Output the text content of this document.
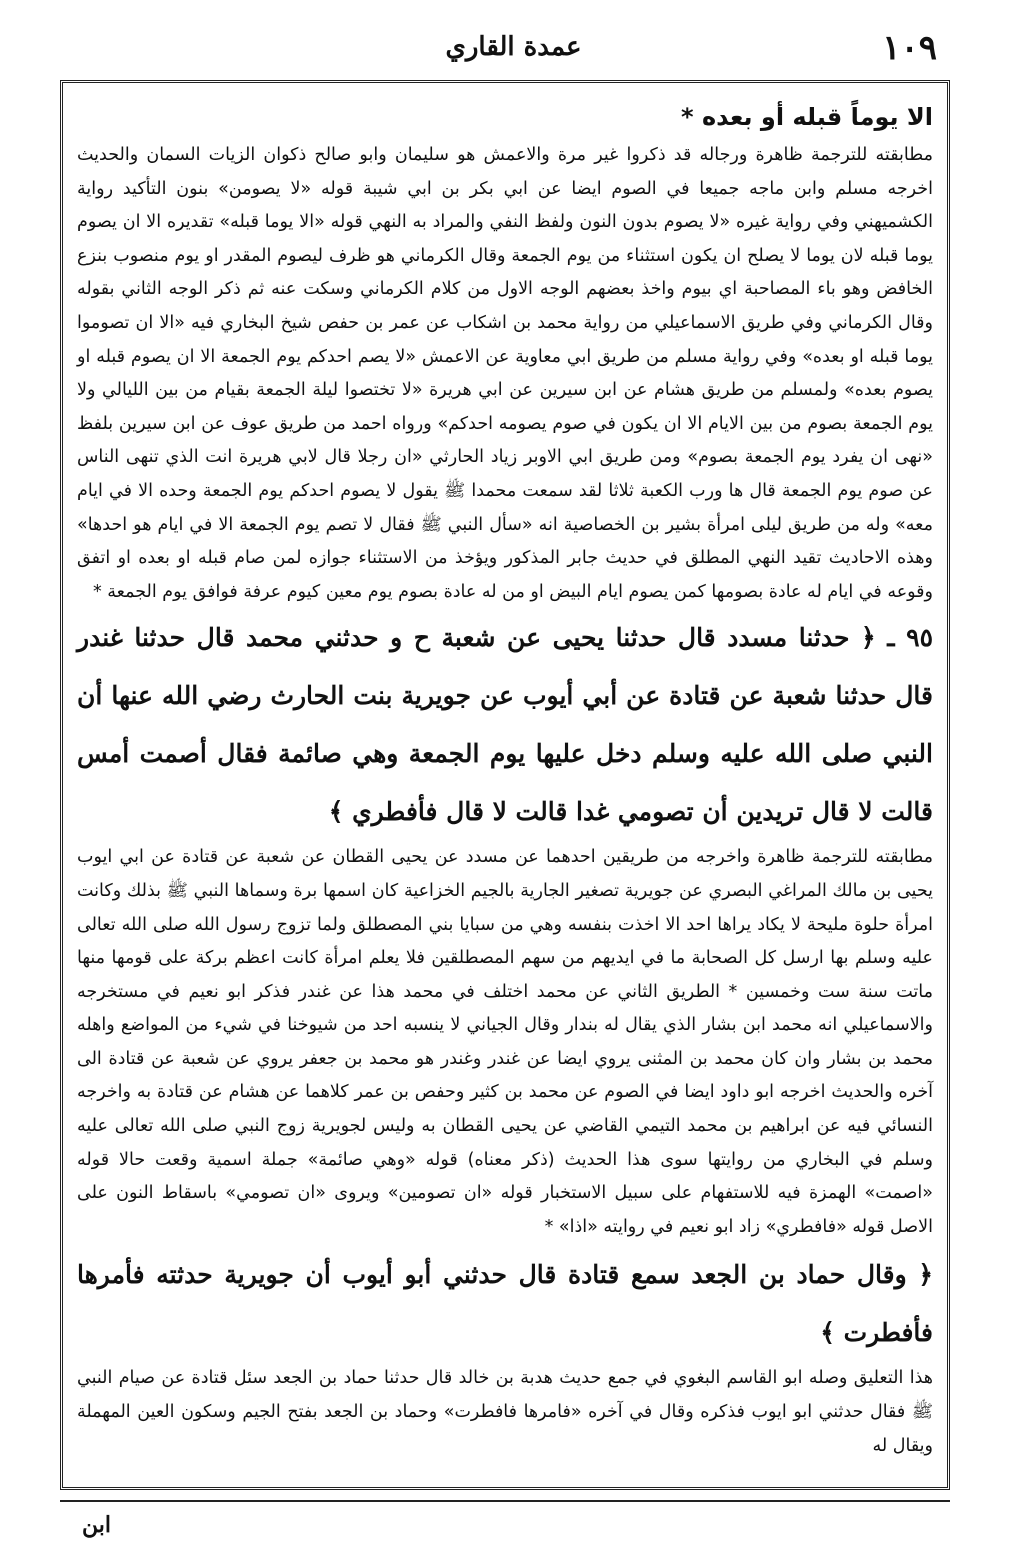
١٠٩
عمدة القاري

الا يوماً قبله أو بعده *

مطابقته للترجمة ظاهرة ورجاله قد ذكروا غير مرة والاعمش هو سليمان وابو صالح ذكوان الزيات السمان والحديث اخرجه مسلم وابن ماجه جميعا في الصوم ايضا عن ابي بكر بن ابي شيبة قوله «لا يصومن» بنون التأكيد رواية الكشميهني وفي رواية غيره «لا يصوم بدون النون ولفظ النفي والمراد به النهي قوله «الا يوما قبله» تقديره الا ان يصوم يوما قبله لان يوما لا يصلح ان يكون استثناء من يوم الجمعة وقال الكرماني هو ظرف ليصوم المقدر او يوم منصوب بنزع الخافض وهو باء المصاحبة اي بيوم واخذ بعضهم الوجه الاول من كلام الكرماني وسكت عنه ثم ذكر الوجه الثاني بقوله وقال الكرماني وفي طريق الاسماعيلي من رواية محمد بن اشكاب عن عمر بن حفص شيخ البخاري فيه «الا ان تصوموا يوما قبله او بعده» وفي رواية مسلم من طريق ابي معاوية عن الاعمش «لا يصم احدكم يوم الجمعة الا ان يصوم قبله او يصوم بعده» ولمسلم من طريق هشام عن ابن سيرين عن ابي هريرة «لا تختصوا ليلة الجمعة بقيام من بين الليالي ولا يوم الجمعة بصوم من بين الايام الا ان يكون في صوم يصومه احدكم» ورواه احمد من طريق عوف عن ابن سيرين بلفظ «نهى ان يفرد يوم الجمعة بصوم» ومن طريق ابي الاوبر زياد الحارثي «ان رجلا قال لابي هريرة انت الذي تنهى الناس عن صوم يوم الجمعة قال ها ورب الكعبة ثلاثا لقد سمعت محمدا ﷺ يقول لا يصوم احدكم يوم الجمعة وحده الا في ايام معه» وله من طريق ليلى امرأة بشير بن الخصاصية انه «سأل النبي ﷺ فقال لا تصم يوم الجمعة الا في ايام هو احدها» وهذه الاحاديث تقيد النهي المطلق في حديث جابر المذكور ويؤخذ من الاستثناء جوازه لمن صام قبله او بعده او اتفق وقوعه في ايام له عادة بصومها كمن يصوم ايام البيض او من له عادة بصوم يوم معين كيوم عرفة فوافق يوم الجمعة *

٩٥ ـ ﴿ حدثنا مسدد قال حدثنا يحيى عن شعبة ح و حدثني محمد قال حدثنا غندر قال حدثنا شعبة عن قتادة عن أبي أيوب عن جويرية بنت الحارث رضي الله عنها أن النبي صلى الله عليه وسلم دخل عليها يوم الجمعة وهي صائمة فقال أصمت أمس قالت لا قال تريدين أن تصومي غدا قالت لا قال فأفطري ﴾

مطابقته للترجمة ظاهرة واخرجه من طريقين احدهما عن مسدد عن يحيى القطان عن شعبة عن قتادة عن ابي ايوب يحيى بن مالك المراغي البصري عن جويرية تصغير الجارية بالجيم الخزاعية كان اسمها برة وسماها النبي ﷺ بذلك وكانت امرأة حلوة مليحة لا يكاد يراها احد الا اخذت بنفسه وهي من سبايا بني المصطلق ولما تزوج رسول الله صلى الله تعالى عليه وسلم بها ارسل كل الصحابة ما في ايديهم من سهم المصطلقين فلا يعلم امرأة كانت اعظم بركة على قومها منها ماتت سنة ست وخمسين * الطريق الثاني عن محمد اختلف في محمد هذا عن غندر فذكر ابو نعيم في مستخرجه والاسماعيلي انه محمد ابن بشار الذي يقال له بندار وقال الجياني لا ينسبه احد من شيوخنا في شيء من المواضع واهله محمد بن بشار وان كان محمد بن المثنى يروي ايضا عن غندر وغندر هو محمد بن جعفر يروي عن شعبة عن قتادة الى آخره والحديث اخرجه ابو داود ايضا في الصوم عن محمد بن كثير وحفص بن عمر كلاهما عن هشام عن قتادة به واخرجه النسائي فيه عن ابراهيم بن محمد التيمي القاضي عن يحيى القطان به وليس لجويرية زوج النبي صلى الله تعالى عليه وسلم في البخاري من روايتها سوى هذا الحديث (ذكر معناه) قوله «وهي صائمة» جملة اسمية وقعت حالا قوله «اصمت» الهمزة فيه للاستفهام على سبيل الاستخبار قوله «ان تصومين» ويروى «ان تصومي» باسقاط النون على الاصل قوله «فافطري» زاد ابو نعيم في روايته «اذا» *

﴿ وقال حماد بن الجعد سمع قتادة قال حدثني أبو أيوب أن جويرية حدثته فأمرها فأفطرت ﴾

هذا التعليق وصله ابو القاسم البغوي في جمع حديث هدبة بن خالد قال حدثنا حماد بن الجعد سئل قتادة عن صيام النبي ﷺ فقال حدثني ابو ايوب فذكره وقال في آخره «فامرها فافطرت» وحماد بن الجعد بفتح الجيم وسكون العين المهملة ويقال له

ابن
